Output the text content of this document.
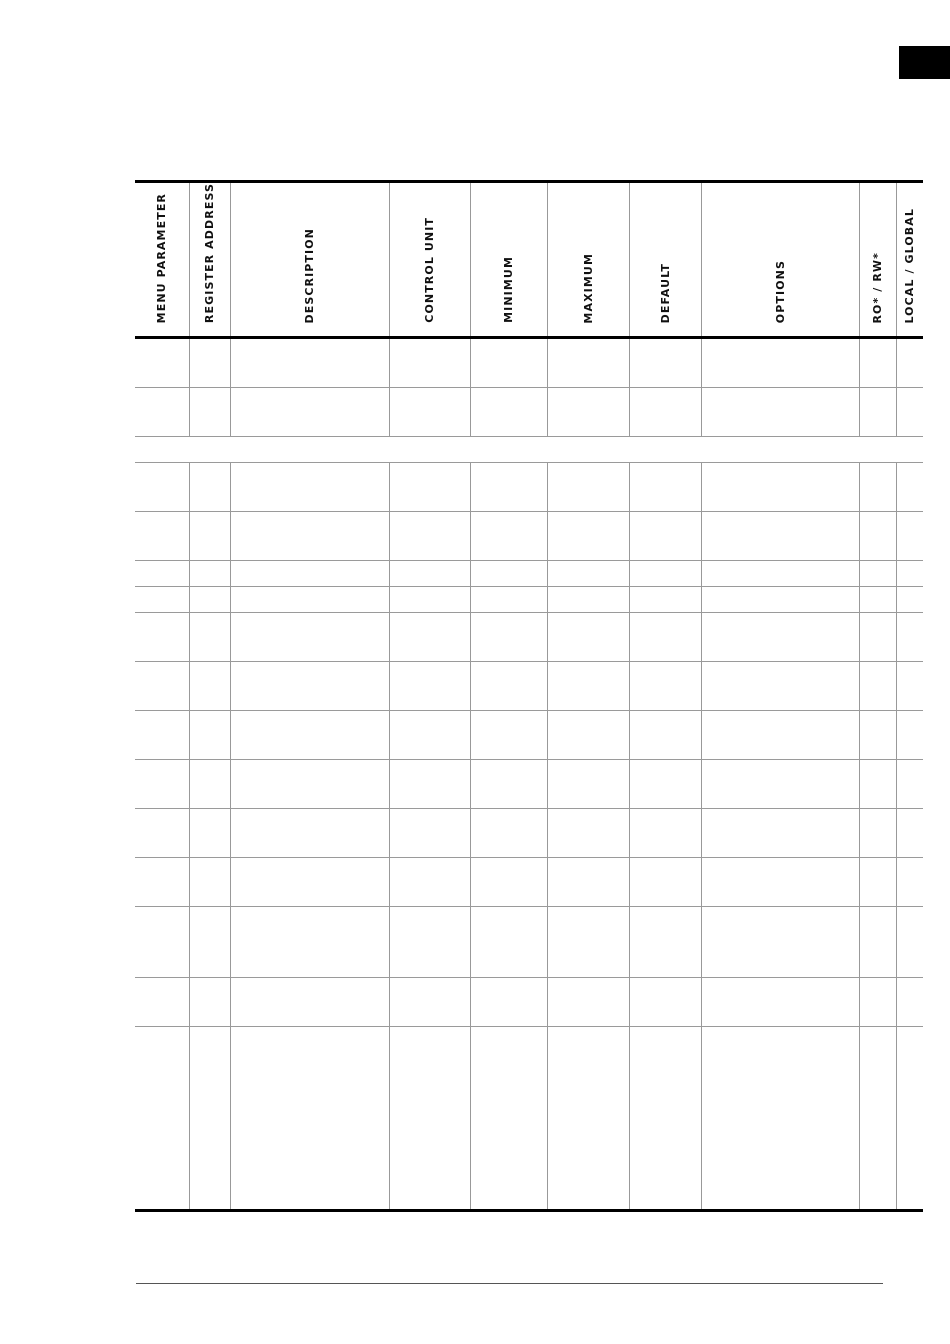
MENU PARAMETER	REGISTER ADDRESS	DESCRIPTION	CONTROL UNIT	MINIMUM	MAXIMUM	DEFAULT	OPTIONS	RO* / RW*	LOCAL / GLOBAL
